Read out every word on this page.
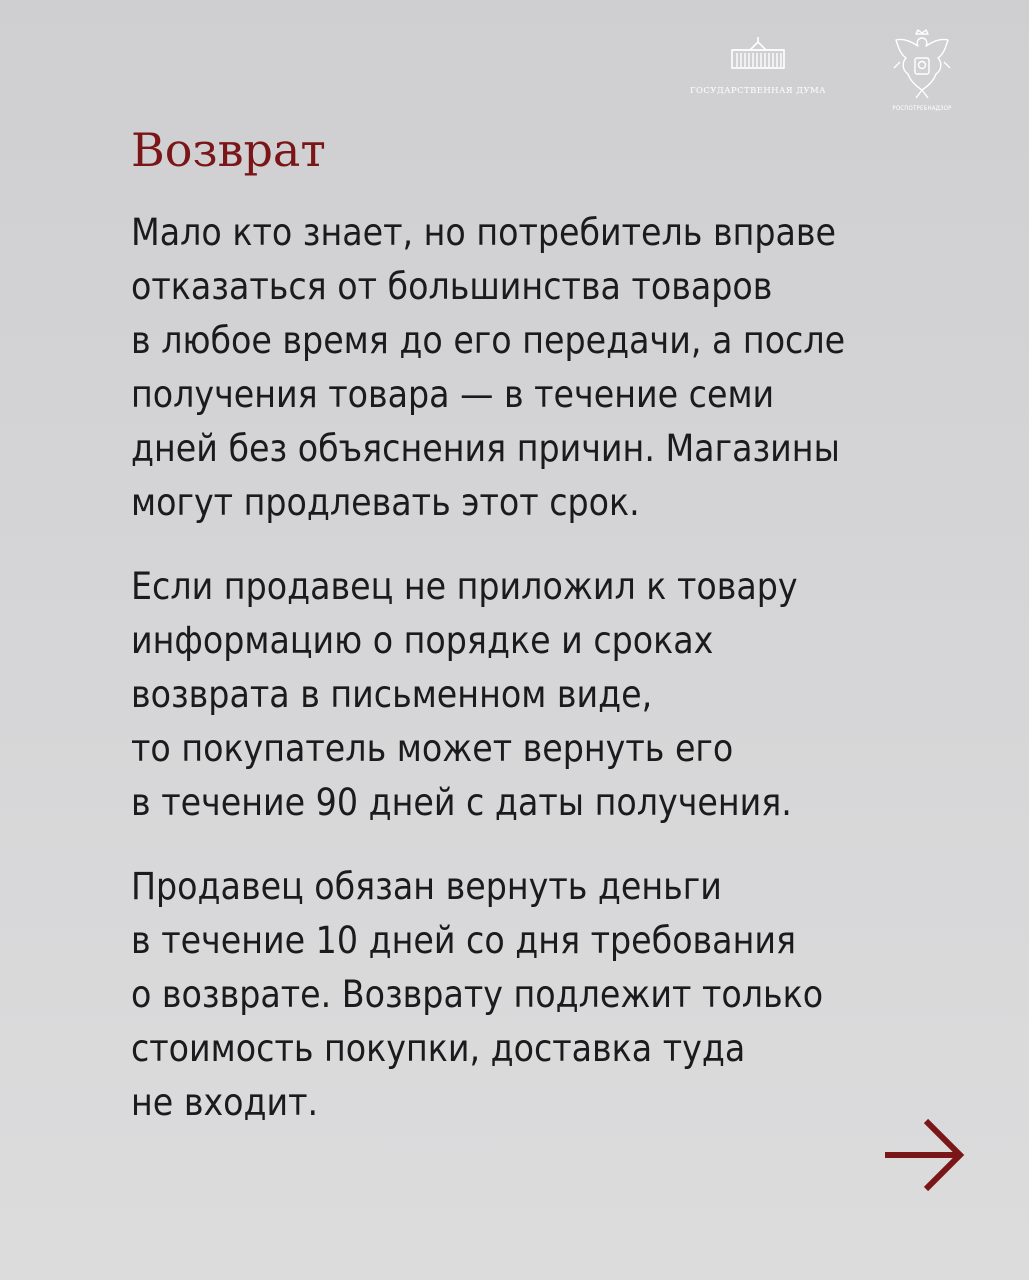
ГОСУДАРСТВЕННАЯ ДУМА
РОСПОТРЕБНАДЗОР
Возврат

Мало кто знает, но потребитель вправе
отказаться от большинства товаров
в любое время до его передачи, а после
получения товара — в течение семи
дней без объяснения причин. Магазины
могут продлевать этот срок.

Если продавец не приложил к товару
информацию о порядке и сроках
возврата в письменном виде,
то покупатель может вернуть его
в течение 90 дней с даты получения.

Продавец обязан вернуть деньги
в течение 10 дней со дня требования
о возврате. Возврату подлежит только
стоимость покупки, доставка туда
не входит.
